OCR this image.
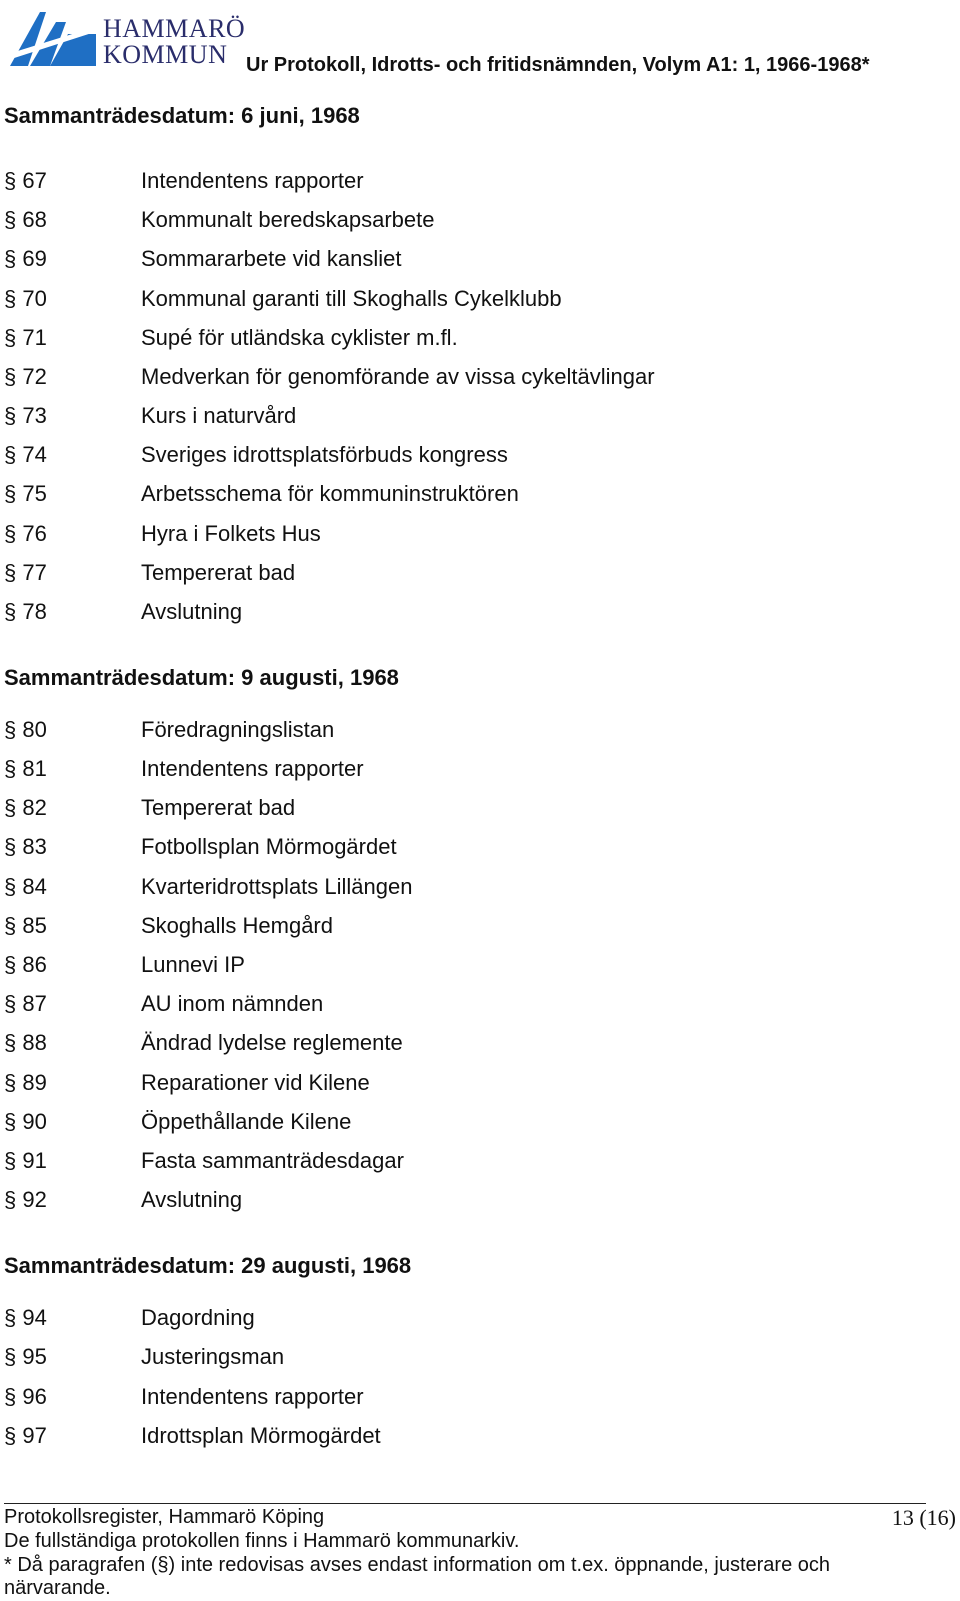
HAMMARÖ
KOMMUN Ur Protokoll, Idrotts- och fritidsnämnden, Volym A1: 1, 1966-1968*
Sammanträdesdatum: 6 juni, 1968
§ 67	Intendentens rapporter
§ 68	Kommunalt beredskapsarbete
§ 69	Sommararbete vid kansliet
§ 70	Kommunal garanti till Skoghalls Cykelklubb
§ 71	Supé för utländska cyklister m.fl.
§ 72	Medverkan för genomförande av vissa cykeltävlingar
§ 73	Kurs i naturvård
§ 74	Sveriges idrottsplatsförbuds kongress
§ 75	Arbetsschema för kommuninstruktören
§ 76	Hyra i Folkets Hus
§ 77	Tempererat bad
§ 78	Avslutning
Sammanträdesdatum: 9 augusti, 1968
§ 80	Föredragningslistan
§ 81	Intendentens rapporter
§ 82	Tempererat bad
§ 83	Fotbollsplan Mörmogärdet
§ 84	Kvarteridrottsplats Lillängen
§ 85	Skoghalls Hemgård
§ 86	Lunnevi IP
§ 87	AU inom nämnden
§ 88	Ändrad lydelse reglemente
§ 89	Reparationer vid Kilene
§ 90	Öppethållande Kilene
§ 91	Fasta sammanträdesdagar
§ 92	Avslutning
Sammanträdesdatum: 29 augusti, 1968
§ 94	Dagordning
§ 95	Justeringsman
§ 96	Intendentens rapporter
§ 97	Idrottsplan Mörmogärdet
Protokollsregister, Hammarö Köping	13 (16)
De fullständiga protokollen finns i Hammarö kommunarkiv.
* Då paragrafen (§) inte redovisas avses endast information om t.ex. öppnande, justerare och
närvarande.
